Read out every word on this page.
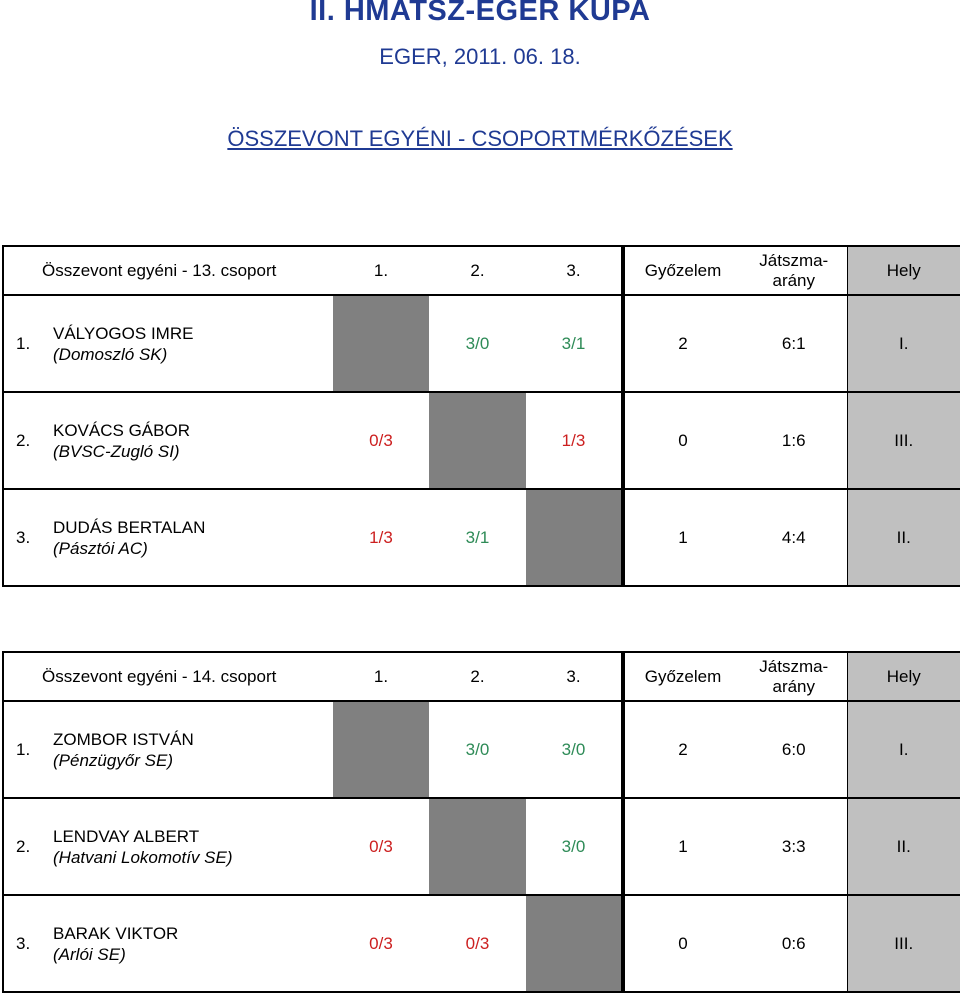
II. HMATSZ-EGER KUPA
EGER, 2011. 06. 18.
ÖSSZEVONT EGYÉNI - CSOPORTMÉRKŐZÉSEK
Összevont egyéni - 13. csoport	1.	2.	3.	Győzelem	Játszma-
arány	Hely

1.
VÁLYOGOS IMRE
(Domoszló SK)		3/0	3/1	2	6:1	I.

2.
KOVÁCS GÁBOR
(BVSC-Zugló SI)	0/3		1/3	0	1:6	III.

3.
DUDÁS BERTALAN
(Pásztói AC)	1/3	3/1		1	4:4	II.
Összevont egyéni - 14. csoport	1.	2.	3.	Győzelem	Játszma-
arány	Hely

1.
ZOMBOR ISTVÁN
(Pénzügyőr SE)		3/0	3/0	2	6:0	I.

2.
LENDVAY ALBERT
(Hatvani Lokomotív SE)	0/3		3/0	1	3:3	II.

3.
BARAK VIKTOR
(Arlói SE)	0/3	0/3		0	0:6	III.
